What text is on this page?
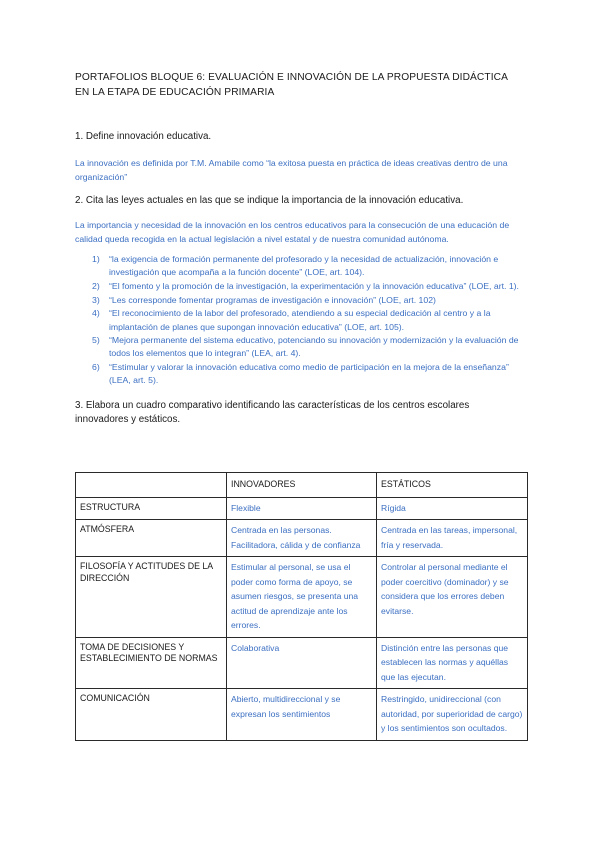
PORTAFOLIOS BLOQUE 6: EVALUACIÓN E INNOVACIÓN DE LA PROPUESTA DIDÁCTICA EN LA ETAPA DE EDUCACIÓN PRIMARIA

1. Define innovación educativa.

La innovación es definida por T.M. Amabile como “la exitosa puesta en práctica de ideas creativas dentro de una organización”

2. Cita las leyes actuales en las que se indique la importancia de la innovación educativa.

La importancia y necesidad de la innovación en los centros educativos para la consecución de una educación de calidad queda recogida en la actual legislación a nivel estatal y de nuestra comunidad autónoma.

1) “la exigencia de formación permanente del profesorado y la necesidad de actualización, innovación e investigación que acompaña a la función docente” (LOE, art. 104).
2) “El fomento y la promoción de la investigación, la experimentación y la innovación educativa” (LOE, art. 1).
3) “Les corresponde fomentar programas de investigación e innovación” (LOE, art. 102)
4) “El reconocimiento de la labor del profesorado, atendiendo a su especial dedicación al centro y a la implantación de planes que supongan innovación educativa” (LOE, art. 105).
5) “Mejora permanente del sistema educativo, potenciando su innovación y modernización y la evaluación de todos los elementos que lo integran” (LEA, art. 4).
6) “Estimular y valorar la innovación educativa como medio de participación en la mejora de la enseñanza” (LEA, art. 5).

3. Elabora un cuadro comparativo identificando las características de los centros escolares innovadores y estáticos.

	INNOVADORES	ESTÁTICOS
ESTRUCTURA	Flexible	Rígida
ATMÓSFERA	Centrada en las personas. Facilitadora, cálida y de confianza	Centrada en las tareas, impersonal, fría y reservada.
FILOSOFÍA Y ACTITUDES DE LA DIRECCIÓN	Estimular al personal, se usa el poder como forma de apoyo, se asumen riesgos, se presenta una actitud de aprendizaje ante los errores.	Controlar al personal mediante el poder coercitivo (dominador) y se considera que los errores deben evitarse.
TOMA DE DECISIONES Y ESTABLECIMIENTO DE NORMAS	Colaborativa	Distinción entre las personas que establecen las normas y aquéllas que las ejecutan.
COMUNICACIÓN	Abierto, multidireccional y se expresan los sentimientos	Restringido, unidireccional (con autoridad, por superioridad de cargo) y los sentimientos son ocultados.
